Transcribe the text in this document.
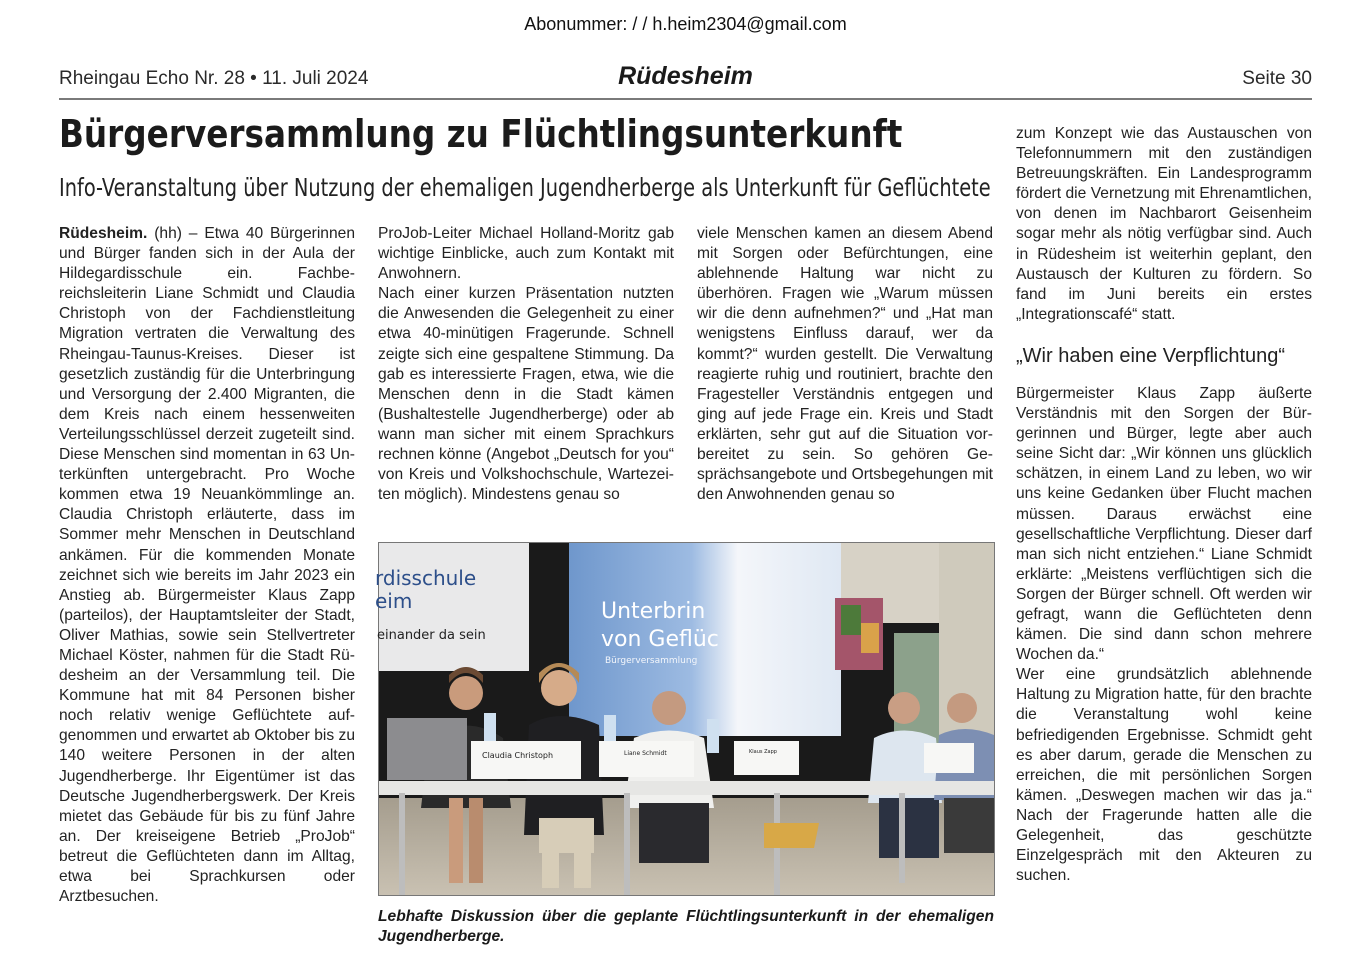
Abonummer: / / h.heim2304@gmail.com
Rheingau Echo Nr. 28 • 11. Juli 2024	Rüdesheim	Seite 30
Bürgerversammlung zu Flüchtlingsunterkunft
Info-Veranstaltung über Nutzung der ehemaligen Jugendherberge als Unterkunft für Geflüchtete

Rüdesheim. (hh) – Etwa 40 Bürgerinnen und Bürger fanden sich in der Aula der Hildegardisschule ein. Fachbereichsleiterin Liane Schmidt und Claudia Christoph von der Fachdienstleitung Migration vertraten die Verwaltung des Rheingau-Taunus-Kreises. Dieser ist gesetzlich zuständig für die Unterbringung und Versorgung der 2.400 Migranten, die dem Kreis nach einem hessenweiten Verteilungsschlüssel derzeit zugeteilt sind. Diese Menschen sind momentan in 63 Unterkünften untergebracht. Pro Woche kommen etwa 19 Neuankömmlinge an. Claudia Christoph erläuterte, dass im Sommer mehr Menschen in Deutschland ankämen. Für die kommenden Monate zeichnet sich wie bereits im Jahr 2023 ein Anstieg ab. Bürgermeister Klaus Zapp (parteilos), der Hauptamtsleiter der Stadt, Oliver Mathias, sowie sein Stellvertreter Michael Köster, nahmen für die Stadt Rüdesheim an der Versammlung teil. Die Kommune hat mit 84 Personen bisher noch relativ wenige Geflüchtete aufgenommen und erwartet ab Oktober bis zu 140 weitere Personen in der alten Jugendherberge. Ihr Eigentümer ist das Deutsche Jugendherbergswerk. Der Kreis mietet das Gebäude für bis zu fünf Jahre an. Der kreiseigene Betrieb „ProJob“ betreut die Geflüchteten dann im Alltag, etwa bei Sprachkursen oder Arztbesuchen.

ProJob-Leiter Michael Holland-Moritz gab wichtige Einblicke, auch zum Kontakt mit Anwohnern.

Nach einer kurzen Präsentation nutzten die Anwesenden die Gelegenheit zu einer etwa 40-minütigen Fragerunde. Schnell zeigte sich eine gespaltene Stimmung. Da gab es interessierte Fragen, etwa, wie die Menschen denn in die Stadt kämen (Bushaltestelle Jugendherberge) oder ab wann man sicher mit einem Sprachkurs rechnen könne (Angebot „Deutsch for you“ von Kreis und Volkshochschule, Wartezeiten möglich). Mindestens genau so

viele Menschen kamen an diesem Abend mit Sorgen oder Befürchtungen, eine ablehnende Haltung war nicht zu überhören. Fragen wie „Warum müssen wir die denn aufnehmen?“ und „Hat man wenigstens Einfluss darauf, wer da kommt?“ wurden gestellt. Die Verwaltung reagierte ruhig und routiniert, brachte den Fragesteller Verständnis entgegen und ging auf jede Frage ein. Kreis und Stadt erklärten, sehr gut auf die Situation vorbereitet zu sein. So gehören Gesprächsangebote und Ortsbegehungen mit den Anwohnenden genau so

zum Konzept wie das Austauschen von Telefonnummern mit den zuständigen Betreuungskräften. Ein Landesprogramm fördert die Vernetzung mit Ehrenamtlichen, von denen im Nachbarort Geisenheim sogar mehr als nötig verfügbar sind. Auch in Rüdesheim ist weiterhin geplant, den Austausch der Kulturen zu fördern. So fand im Juni bereits ein erstes „Integrationscafé“ statt.

„Wir haben eine Verpflichtung“

Bürgermeister Klaus Zapp äußerte Verständnis mit den Sorgen der Bürgerinnen und Bürger, legte aber auch seine Sicht dar: „Wir können uns glücklich schätzen, in einem Land zu leben, wo wir uns keine Gedanken über Flucht machen müssen. Daraus erwächst eine gesellschaftliche Verpflichtung. Dieser darf man sich nicht entziehen.“ Liane Schmidt erklärte: „Meistens verflüchtigen sich die Sorgen der Bürger schnell. Oft werden wir gefragt, wann die Geflüchteten denn kämen. Die sind dann schon mehrere Wochen da.“

Wer eine grundsätzlich ablehnende Haltung zu Migration hatte, für den brachte die Veranstaltung wohl keine befriedigenden Ergebnisse. Schmidt geht es aber darum, gerade die Menschen zu erreichen, die mit persönlichen Sorgen kämen. „Deswegen machen wir das ja.“ Nach der Fragerunde hatten alle die Gelegenheit, das geschützte Einzelgespräch mit den Akteuren zu suchen.

rdisschule
eim
einander da sein
Unterbrin
von Geflüc
Bürgerversammlung
Claudia Christoph	Liane Schmidt	Klaus Zapp
Lebhafte Diskussion über die geplante Flüchtlingsunterkunft in der ehemaligen Jugendherberge.
